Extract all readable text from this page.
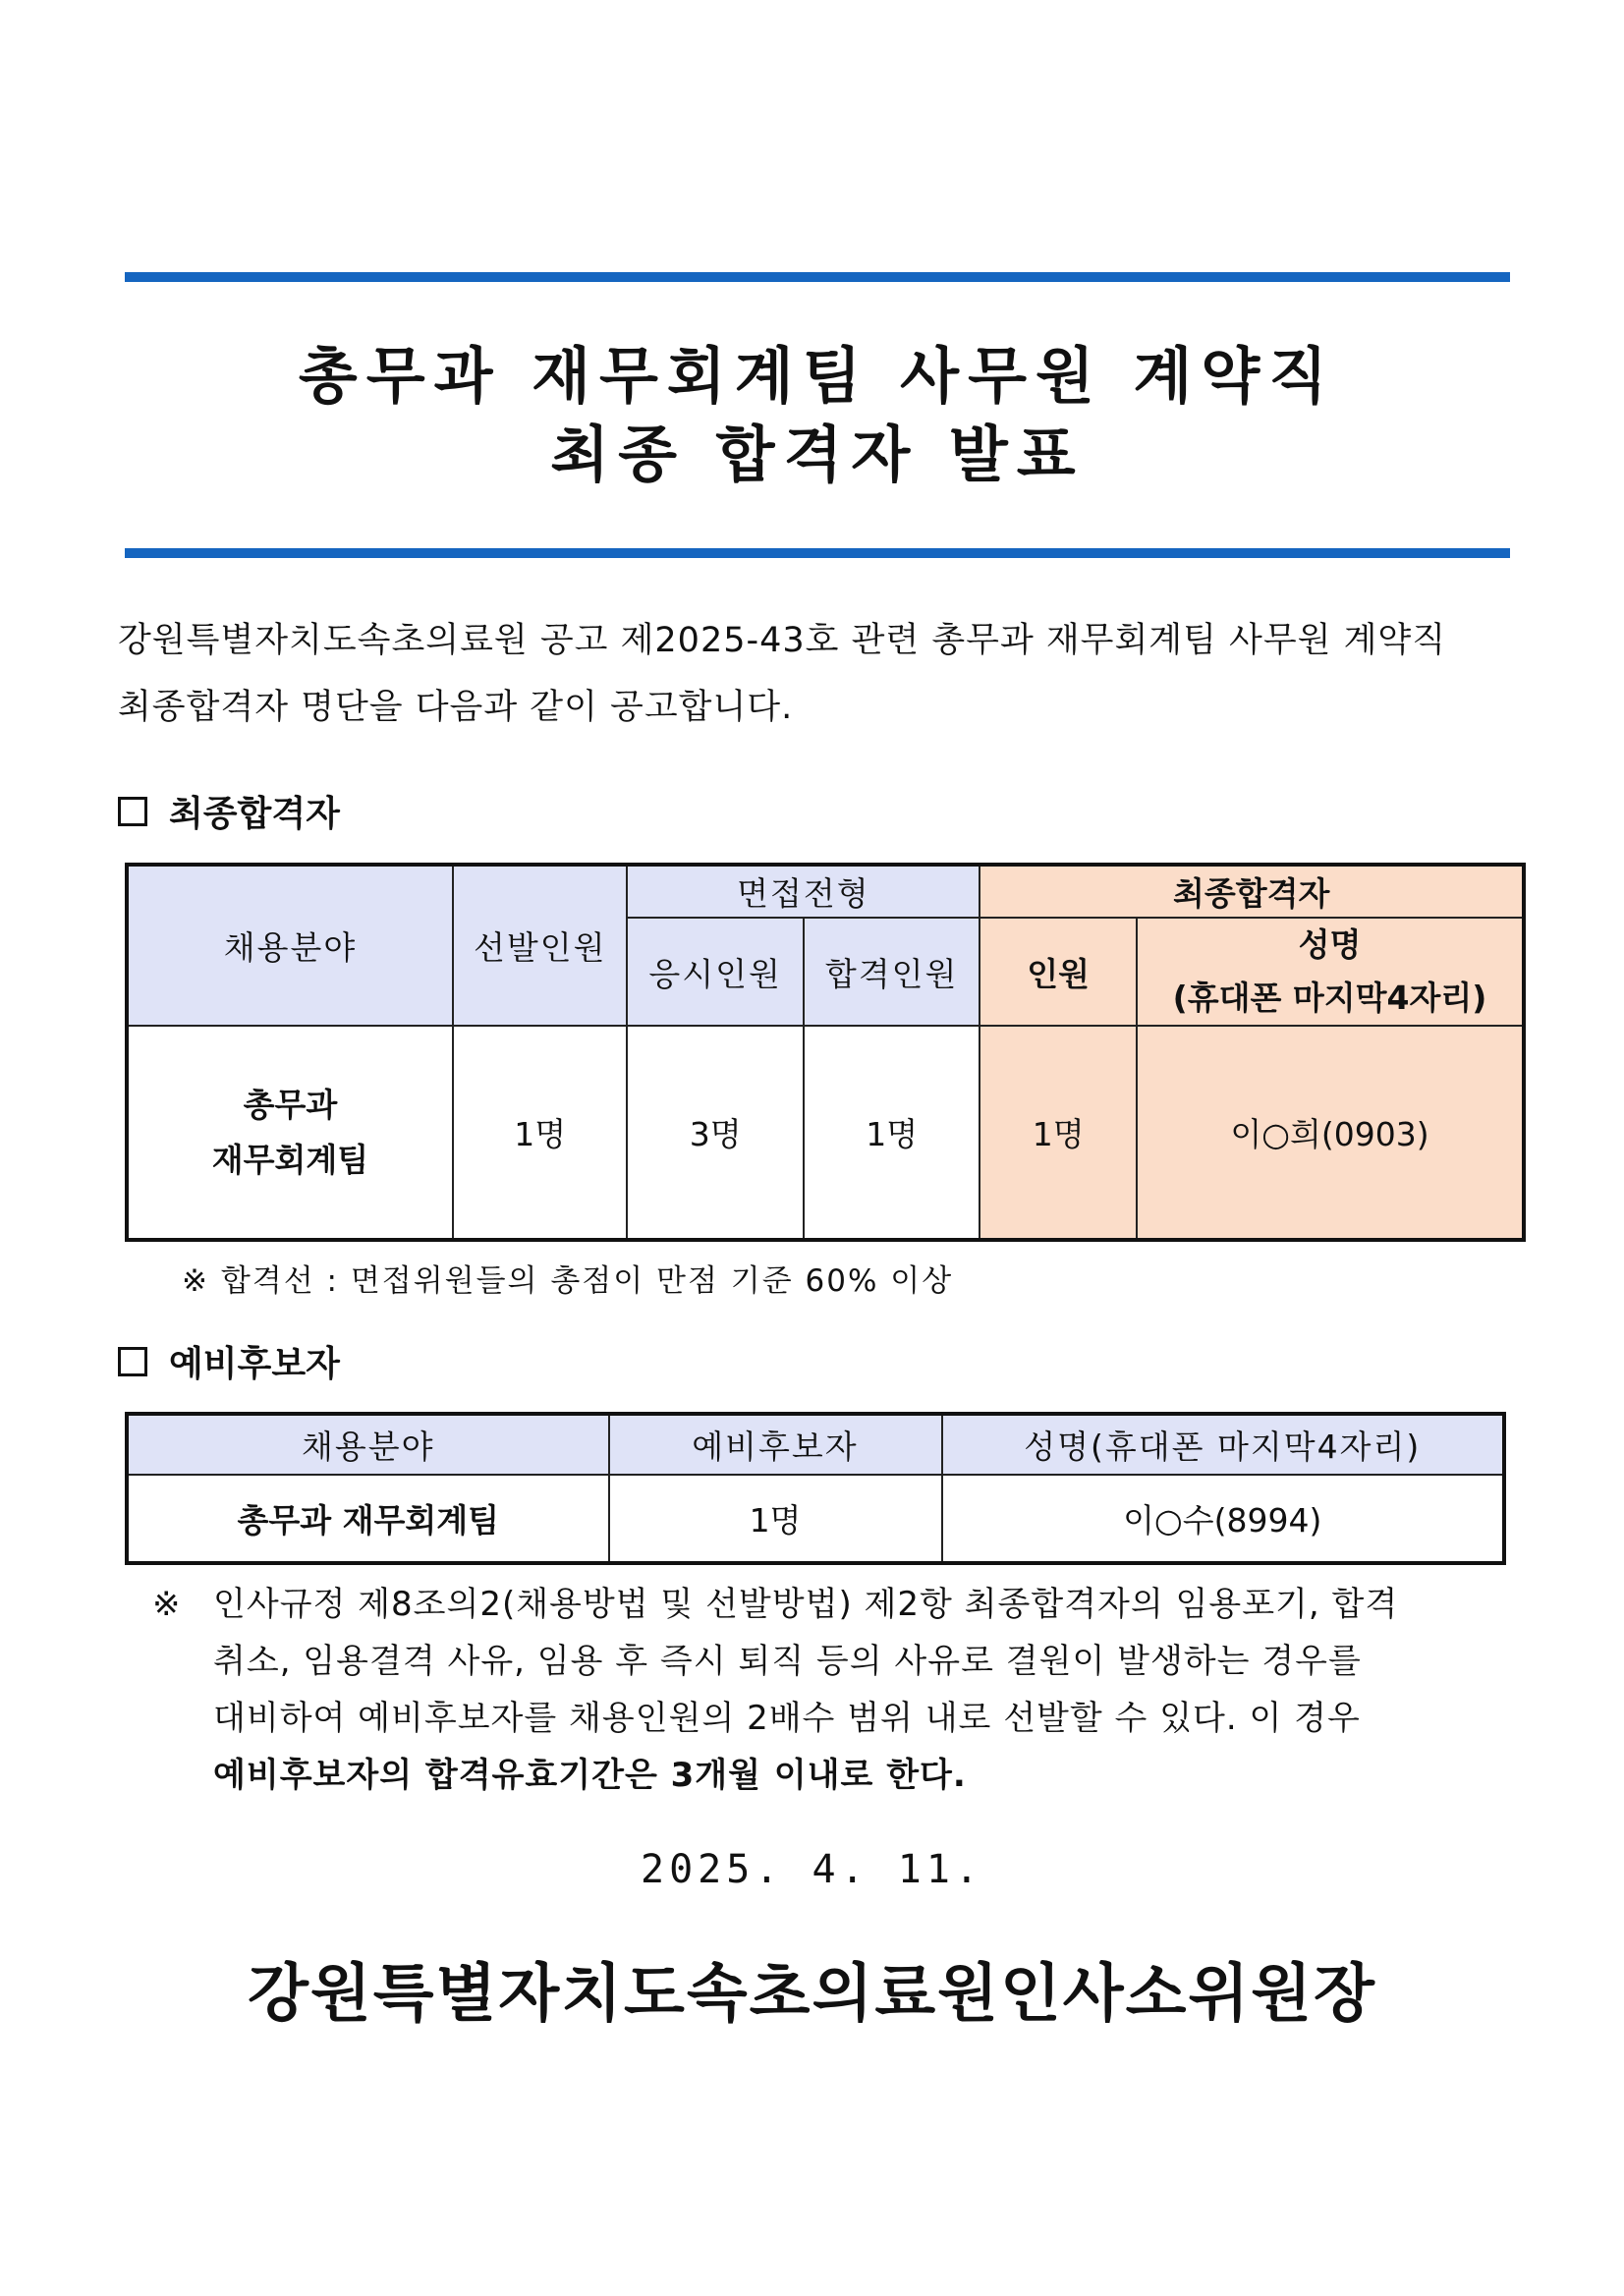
총무과 재무회계팀 사무원 계약직
최종 합격자 발표
강원특별자치도속초의료원 공고 제2025-43호 관련 총무과 재무회계팀 사무원 계약직
최종합격자 명단을 다음과 같이 공고합니다.
최종합격자
채용분야	선발인원	면접전형		최종합격자	
		응시인원	합격인원	인원	성명
(휴대폰 마지막4자리)

총무과
재무회계팀	1명	3명	1명	1명	이○희(0903)
※ 합격선 : 면접위원들의 총점이 만점 기준 60% 이상
예비후보자
채용분야	예비후보자	성명(휴대폰 마지막4자리)
총무과 재무회계팀	1명	이○수(8994)
※ 인사규정 제8조의2(채용방법 및 선발방법) 제2항 최종합격자의 임용포기, 합격
취소, 임용결격 사유, 임용 후 즉시 퇴직 등의 사유로 결원이 발생하는 경우를
대비하여 예비후보자를 채용인원의 2배수 범위 내로 선발할 수 있다. 이 경우
예비후보자의 합격유효기간은 3개월 이내로 한다.
2025. 4. 11.
강원특별자치도속초의료원인사소위원장
